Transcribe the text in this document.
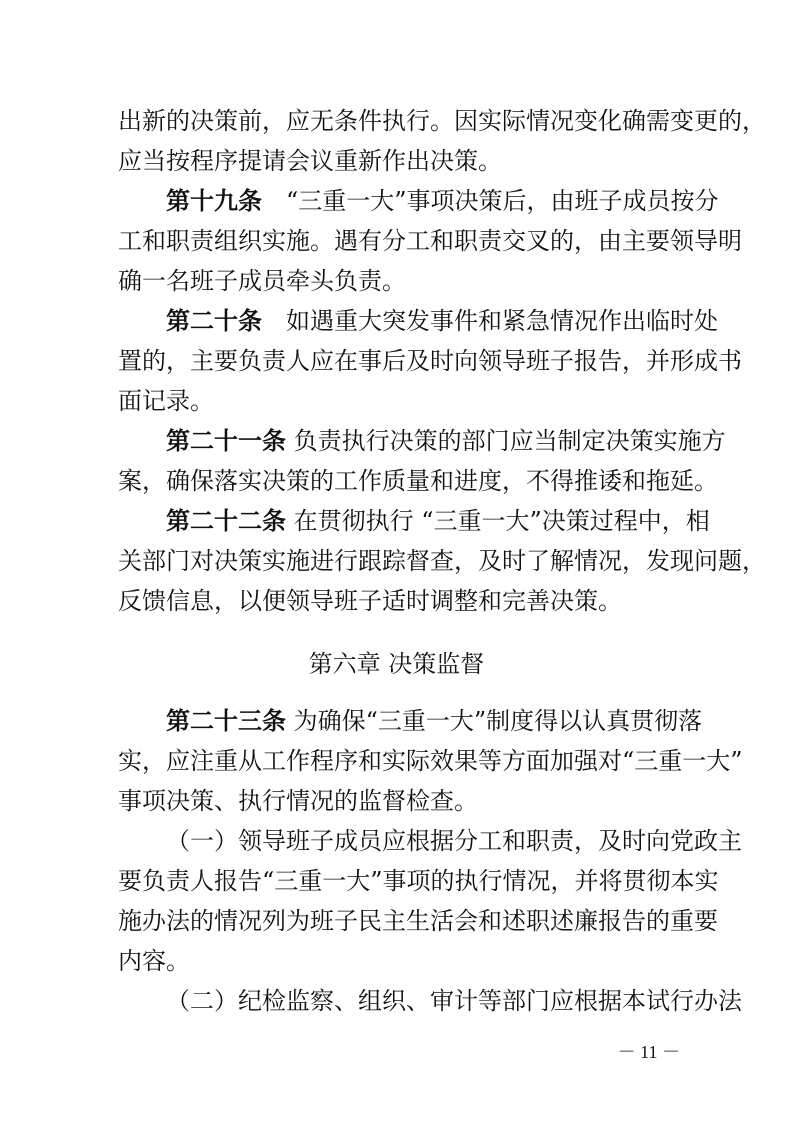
出新的决策前，应无条件执行。因实际情况变化确需变更的，
应当按程序提请会议重新作出决策。
第十九条　“三重一大”事项决策后，由班子成员按分
工和职责组织实施。遇有分工和职责交叉的，由主要领导明
确一名班子成员牵头负责。
第二十条　如遇重大突发事件和紧急情况作出临时处
置的，主要负责人应在事后及时向领导班子报告，并形成书
面记录。
第二十一条 负责执行决策的部门应当制定决策实施方
案，确保落实决策的工作质量和进度，不得推诿和拖延。
第二十二条 在贯彻执行 “三重一大”决策过程中，相
关部门对决策实施进行跟踪督查，及时了解情况，发现问题，
反馈信息，以便领导班子适时调整和完善决策。
第六章 决策监督
第二十三条 为确保“三重一大”制度得以认真贯彻落
实，应注重从工作程序和实际效果等方面加强对“三重一大”
事项决策、执行情况的监督检查。
（一）领导班子成员应根据分工和职责，及时向党政主
要负责人报告“三重一大”事项的执行情况，并将贯彻本实
施办法的情况列为班子民主生活会和述职述廉报告的重要
内容。
（二）纪检监察、组织、审计等部门应根据本试行办法
－ 11 －
